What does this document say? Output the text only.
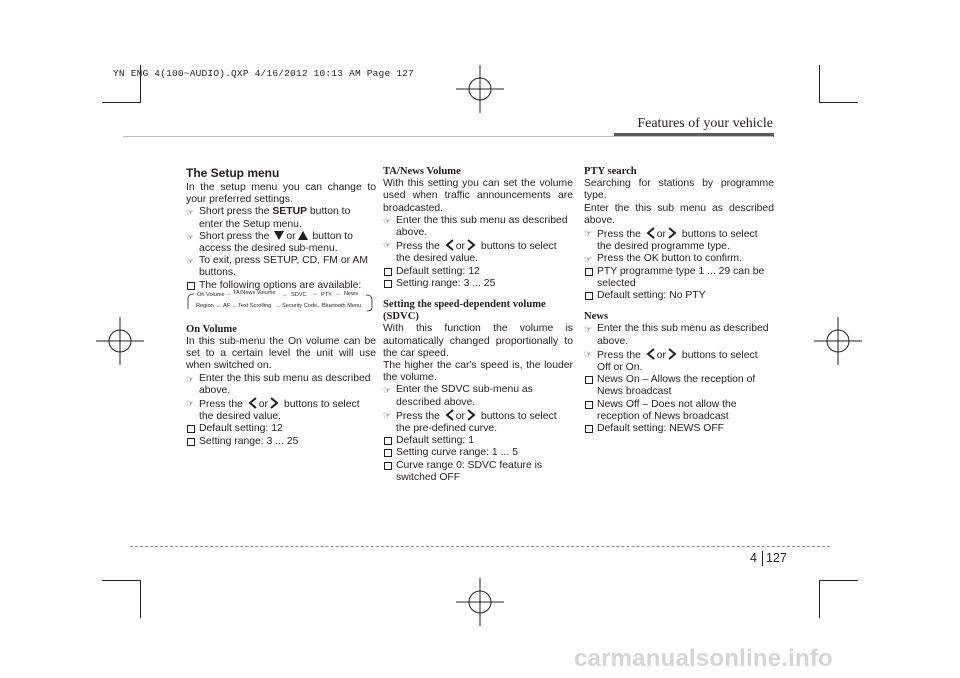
YN ENG 4(100~AUDIO).QXP 4/16/2012 10:13 AM Page 127
Features of your vehicle

The Setup menu

In the setup menu you can change to your preferred settings.

☞ Short press the SETUP button to enter the Setup menu.
☞ Short press the or button to access the desired sub-menu.
☞ To exit, press SETUP, CD, FM or AM buttons.
The following options are available:

On Volume

In this sub-menu the On volume can be set to a certain level the unit will use when switched on.

☞ Enter the this sub menu as described above.
☞ Press the or buttons to select the desired value.
Default setting: 12
Setting range: 3 ... 25
On Volume → TA/News Volume → SDVC → PTY → News
Region ← AF ← Text Scrolling ← Security Code
← Bluetooth Menu

TA/News Volume

With this setting you can set the volume used when traffic announcements are broadcasted.

☞ Enter the this sub menu as described above.
☞ Press the or buttons to select the desired value.
Default setting: 12
Setting range: 3 ... 25

Setting the speed-dependent volume (SDVC)

With this function the volume is automatically changed proportionally to the car speed.

The higher the car's speed is, the louder the volume.

☞ Enter the SDVC sub-menu as described above.
☞ Press the or buttons to select the pre-defined curve.
Default setting: 1
Setting curve range: 1 ... 5
Curve range 0: SDVC feature is switched OFF

PTY search

Searching for stations by programme type.

Enter the this sub menu as described above.

☞ Press the or buttons to select the desired programme type.
☞ Press the OK button to confirm.
PTY programme type 1 ... 29 can be selected
Default setting: No PTY

News

☞ Enter the this sub menu as described above.
☞ Press the or buttons to select Off or On.
News On – Allows the reception of News broadcast
News Off – Does not allow the reception of News broadcast
Default setting: NEWS OFF
4 127
carmanualsonline.info
